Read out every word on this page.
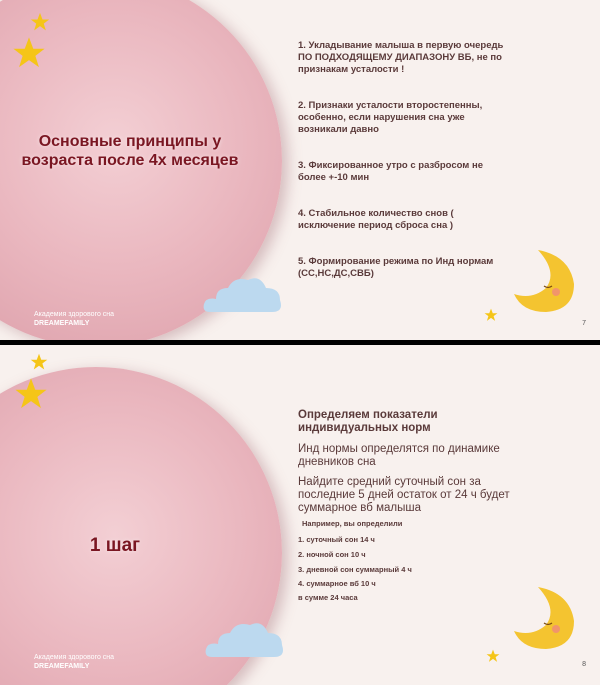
Основные принципы у возраста после 4х месяцев
Академия здорового сна
DREAMEFAMILY

1. Укладывание малыша в первую очередь ПО ПОДХОДЯЩЕМУ ДИАПАЗОНУ ВБ, не по признакам усталости !

2. Признаки усталости второстепенны, особенно, если нарушения сна уже возникали давно

3. Фиксированное утро с разбросом не более +-10 мин

4. Стабильное количество снов ( исключение период сброса сна )

5. Формирование режима по Инд нормам (СС,НС,ДС,СВБ)

7
1 шаг
Академия здорового сна
DREAMEFAMILY
Определяем показатели индивидуальных норм
Инд нормы определятся по динамике дневников сна
Найдите средний суточный сон за последние 5 дней остаток от 24 ч будет суммарное вб малыша
Например, вы определили
1. суточный сон 14 ч
2. ночной сон 10 ч
3. дневной сон суммарный 4 ч
4. суммарное вб 10 ч
в сумме 24 часа
8
